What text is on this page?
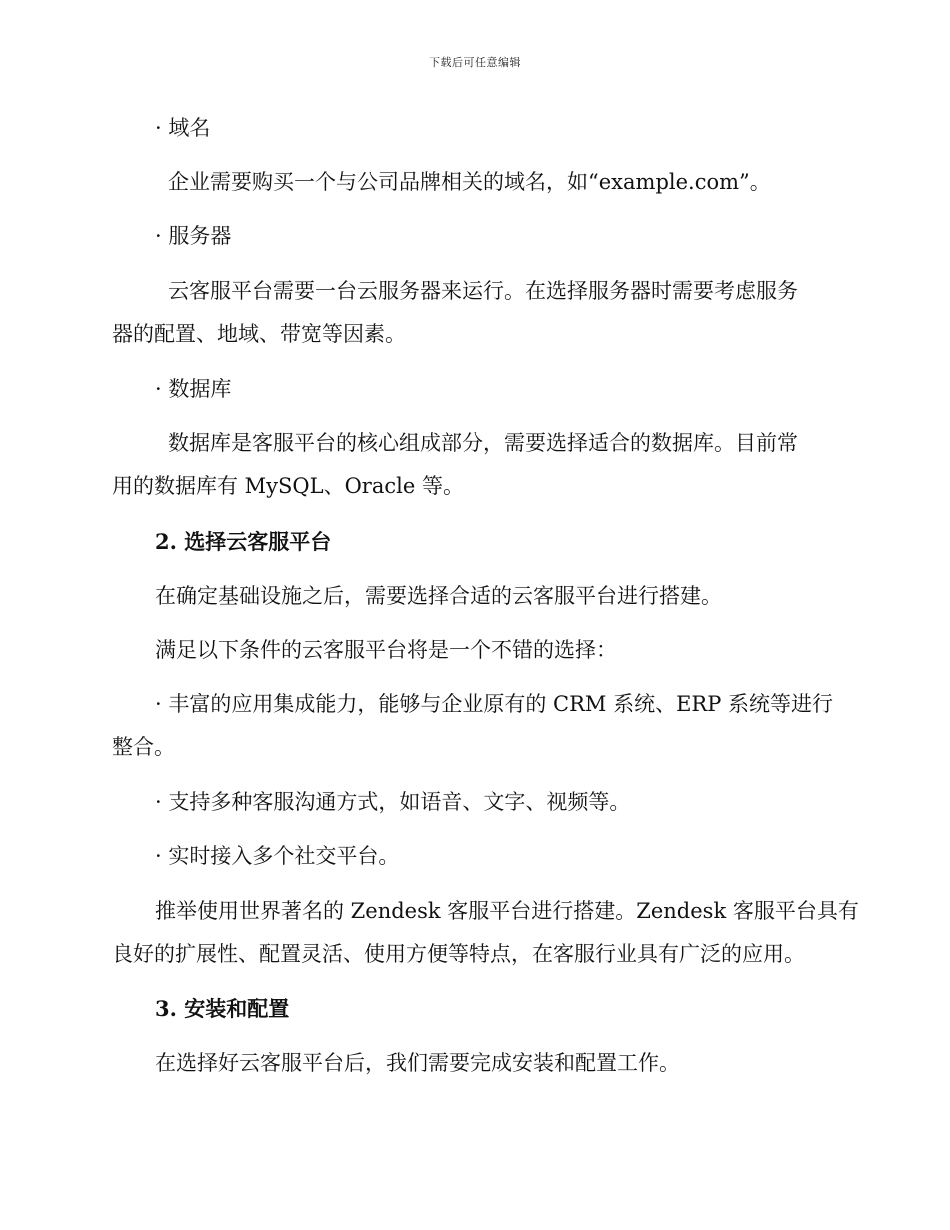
下载后可任意编辑
· 域名
企业需要购买一个与公司品牌相关的域名，如“example.com”。
· 服务器
云客服平台需要一台云服务器来运行。在选择服务器时需要考虑服务
器的配置、地域、带宽等因素。
· 数据库
数据库是客服平台的核心组成部分，需要选择适合的数据库。目前常
用的数据库有 MySQL、Oracle 等。
2. 选择云客服平台
在确定基础设施之后，需要选择合适的云客服平台进行搭建。
满足以下条件的云客服平台将是一个不错的选择：
· 丰富的应用集成能力，能够与企业原有的 CRM 系统、ERP 系统等进行
整合。
· 支持多种客服沟通方式，如语音、文字、视频等。
· 实时接入多个社交平台。
推举使用世界著名的 Zendesk 客服平台进行搭建。Zendesk 客服平台具有
良好的扩展性、配置灵活、使用方便等特点，在客服行业具有广泛的应用。
3. 安装和配置
在选择好云客服平台后，我们需要完成安装和配置工作。
